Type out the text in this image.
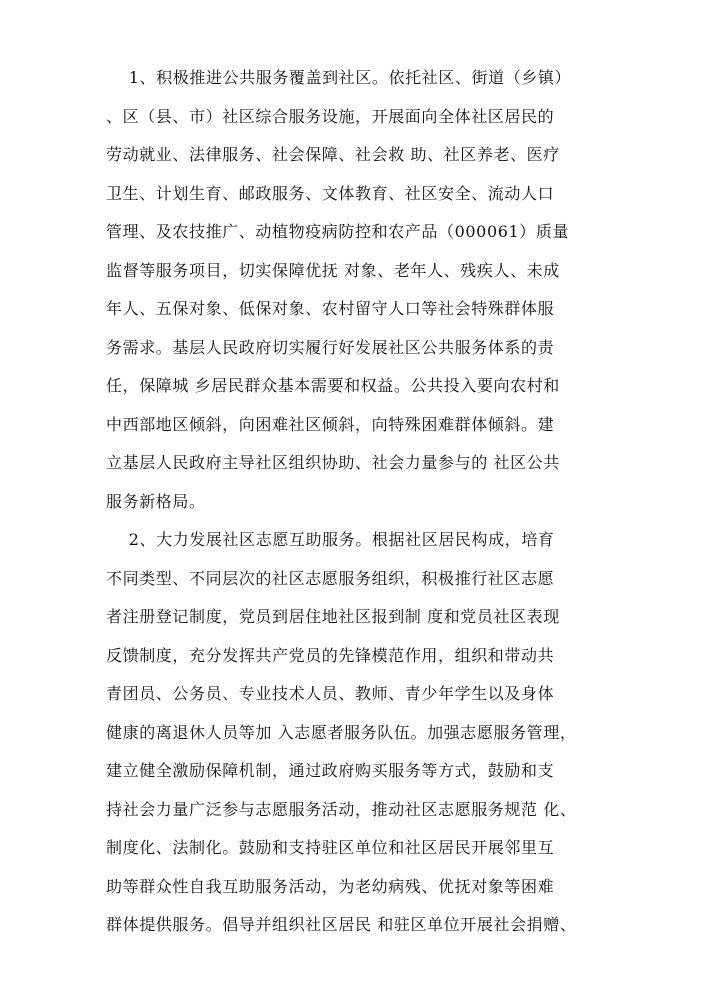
1、积极推进公共服务覆盖到社区。依托社区、街道（乡镇）
、区（县、市）社区综合服务设施，开展面向全体社区居民的
劳动就业、法律服务、社会保障、社会救 助、社区养老、医疗
卫生、计划生育、邮政服务、文体教育、社区安全、流动人口
管理、及农技推广、动植物疫病防控和农产品（000061）质量
监督等服务项目，切实保障优抚 对象、老年人、残疾人、未成
年人、五保对象、低保对象、农村留守人口等社会特殊群体服
务需求。基层人民政府切实履行好发展社区公共服务体系的责
任，保障城 乡居民群众基本需要和权益。公共投入要向农村和
中西部地区倾斜，向困难社区倾斜，向特殊困难群体倾斜。建
立基层人民政府主导社区组织协助、社会力量参与的 社区公共
服务新格局。
2、大力发展社区志愿互助服务。根据社区居民构成，培育
不同类型、不同层次的社区志愿服务组织，积极推行社区志愿
者注册登记制度，党员到居住地社区报到制 度和党员社区表现
反馈制度，充分发挥共产党员的先锋模范作用，组织和带动共
青团员、公务员、专业技术人员、教师、青少年学生以及身体
健康的离退休人员等加 入志愿者服务队伍。加强志愿服务管理，
建立健全激励保障机制，通过政府购买服务等方式，鼓励和支
持社会力量广泛参与志愿服务活动，推动社区志愿服务规范 化、
制度化、法制化。鼓励和支持驻区单位和社区居民开展邻里互
助等群众性自我互助服务活动，为老幼病残、优抚对象等困难
群体提供服务。倡导并组织社区居民 和驻区单位开展社会捐赠、
